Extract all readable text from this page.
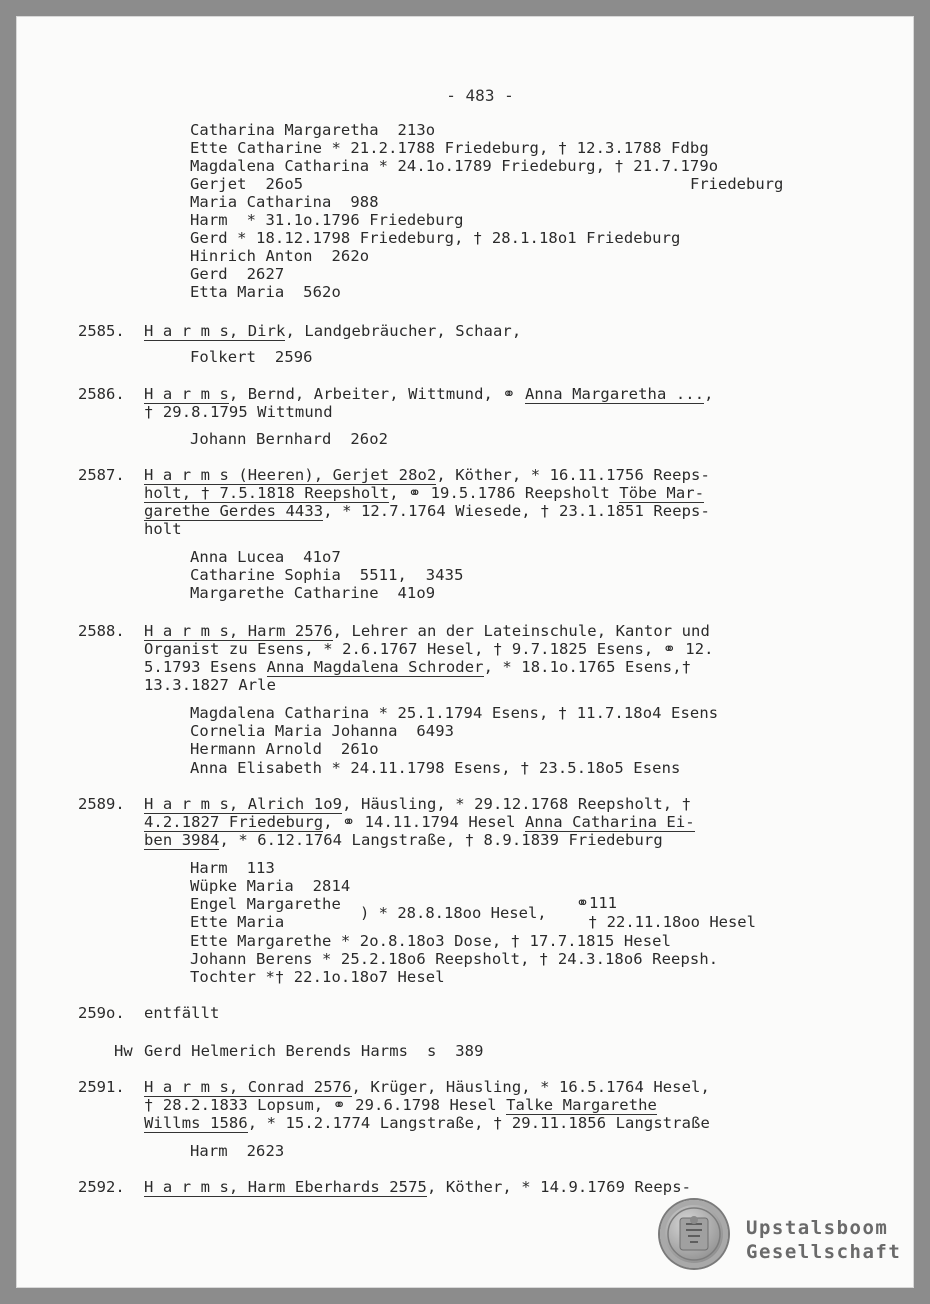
- 483 -
Catharina Margaretha  213o
Ette Catharine * 21.2.1788 Friedeburg, † 12.3.1788 Fdbg
Magdalena Catharina * 24.1o.1789 Friedeburg, † 21.7.179o
Gerjet  26o5	Friedeburg
Maria Catharina  988
Harm  * 31.1o.1796 Friedeburg
Gerd * 18.12.1798 Friedeburg, † 28.1.18o1 Friedeburg
Hinrich Anton  262o
Gerd  2627
Etta Maria  562o
2585. H a r m s, Dirk, Landgebräucher, Schaar,
Folkert  2596
2586. H a r m s, Bernd, Arbeiter, Wittmund, ⚭ Anna Margaretha ...,
† 29.8.1795 Wittmund
Johann Bernhard  26o2
2587. H a r m s (Heeren), Gerjet 28o2, Köther, * 16.11.1756 Reeps-
holt, † 7.5.1818 Reepsholt, ⚭ 19.5.1786 Reepsholt Töbe Mar-
garethe Gerdes 4433, * 12.7.1764 Wiesede, † 23.1.1851 Reeps-
holt
Anna Lucea  41o7
Catharine Sophia  5511,  3435
Margarethe Catharine  41o9
2588. H a r m s, Harm 2576, Lehrer an der Lateinschule, Kantor und
Organist zu Esens, * 2.6.1767 Hesel, † 9.7.1825 Esens, ⚭ 12.
5.1793 Esens Anna Magdalena Schroder, * 18.1o.1765 Esens,†
13.3.1827 Arle
Magdalena Catharina * 25.1.1794 Esens, † 11.7.18o4 Esens
Cornelia Maria Johanna  6493
Hermann Arnold  261o
Anna Elisabeth * 24.11.1798 Esens, † 23.5.18o5 Esens
2589. H a r m s, Alrich 1o9, Häusling, * 29.12.1768 Reepsholt, †
4.2.1827 Friedeburg, ⚭ 14.11.1794 Hesel Anna Catharina Ei-
ben 3984, * 6.12.1764 Langstraße, † 8.9.1839 Friedeburg
Harm  113
Wüpke Maria  2814
Engel Margarethe ) * 28.8.18oo Hesel,
⚭111
Ette Maria	† 22.11.18oo Hesel
Ette Margarethe * 2o.8.18o3 Dose, † 17.7.1815 Hesel
Johann Berens * 25.2.18o6 Reepsholt, † 24.3.18o6 Reepsh.
Tochter *† 22.1o.18o7 Hesel
259o. entfällt
Hw Gerd Helmerich Berends Harms  s  389
2591. H a r m s, Conrad 2576, Krüger, Häusling, * 16.5.1764 Hesel,
† 28.2.1833 Lopsum, ⚭ 29.6.1798 Hesel Talke Margarethe
Willms 1586, * 15.2.1774 Langstraße, † 29.11.1856 Langstraße
Harm  2623
2592. H a r m s, Harm Eberhards 2575, Köther, * 14.9.1769 Reeps-
Upstalsboom
Gesellschaft
